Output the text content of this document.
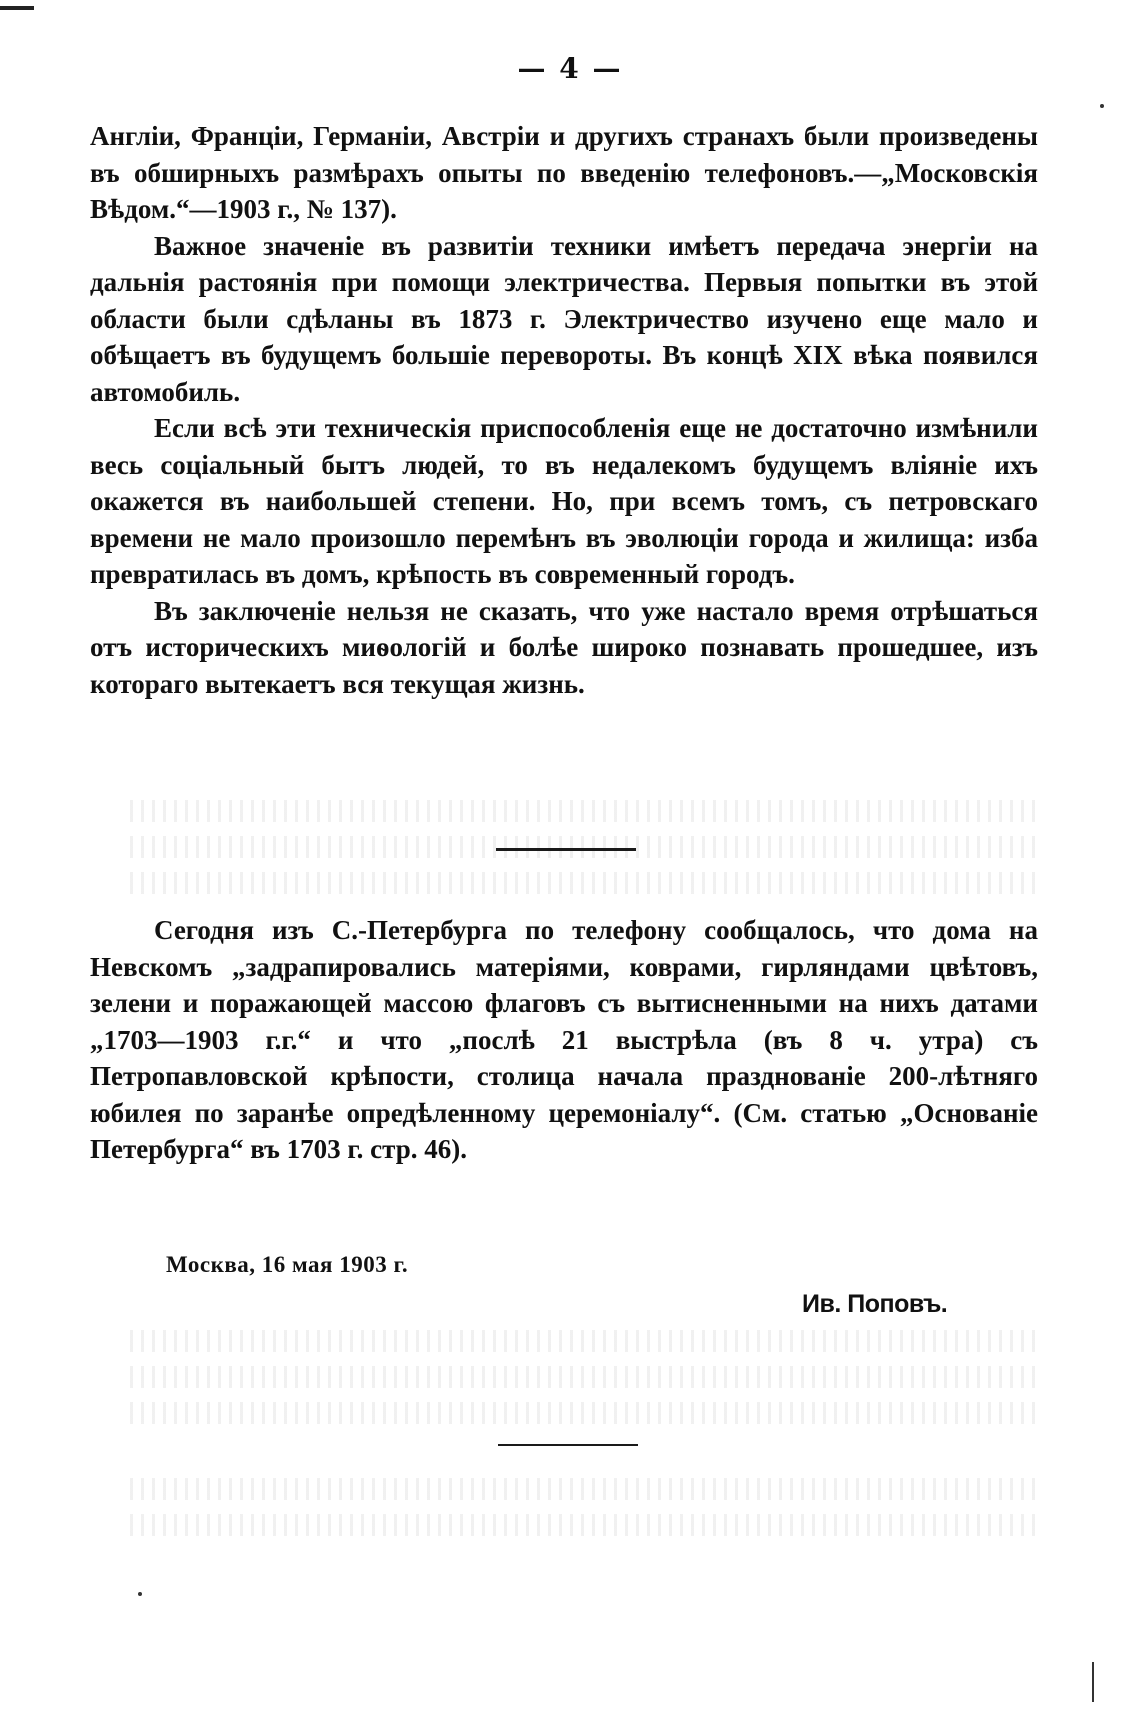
— 4 —

Англіи, Франціи, Германіи, Австріи и другихъ странахъ были произведены въ обширныхъ размѣрахъ опыты по введенію телефоновъ.—„Московскія Вѣдом.“—1903 г., № 137).

Важное значеніе въ развитіи техники имѣетъ передача энергіи на дальнія растоянія при помощи электричества. Первыя попытки въ этой области были сдѣланы въ 1873 г. Электричество изучено еще мало и обѣщаетъ въ будущемъ большіе перевороты. Въ концѣ XIX вѣка появился автомобиль.

Если всѣ эти техническія приспособленія еще не достаточно измѣнили весь соціальный бытъ людей, то въ недалекомъ будущемъ вліяніе ихъ окажется въ наибольшей степени. Но, при всемъ томъ, съ петровскаго времени не мало произошло перемѣнъ въ эволюціи города и жилища: изба превратилась въ домъ, крѣпость въ современный городъ.

Въ заключеніе нельзя не сказать, что уже настало время отрѣшаться отъ историческихъ миѳологій и болѣе широко познавать прошедшее, изъ котораго вытекаетъ вся текущая жизнь.

Сегодня изъ С.-Петербурга по телефону сообщалось, что дома на Невскомъ „задрапировались матеріями, коврами, гирляндами цвѣтовъ, зелени и поражающей массою флаговъ съ вытисненными на нихъ датами „1703—1903 г.г.“ и что „послѣ 21 выстрѣла (въ 8 ч. утра) съ Петропавловской крѣпости, столица начала празднованіе 200-лѣтняго юбилея по заранѣе опредѣленному церемоніалу“. (См. статью „Основаніе Петербурга“ въ 1703 г. стр. 46).

Москва, 16 мая 1903 г.
Ив. Поповъ.
